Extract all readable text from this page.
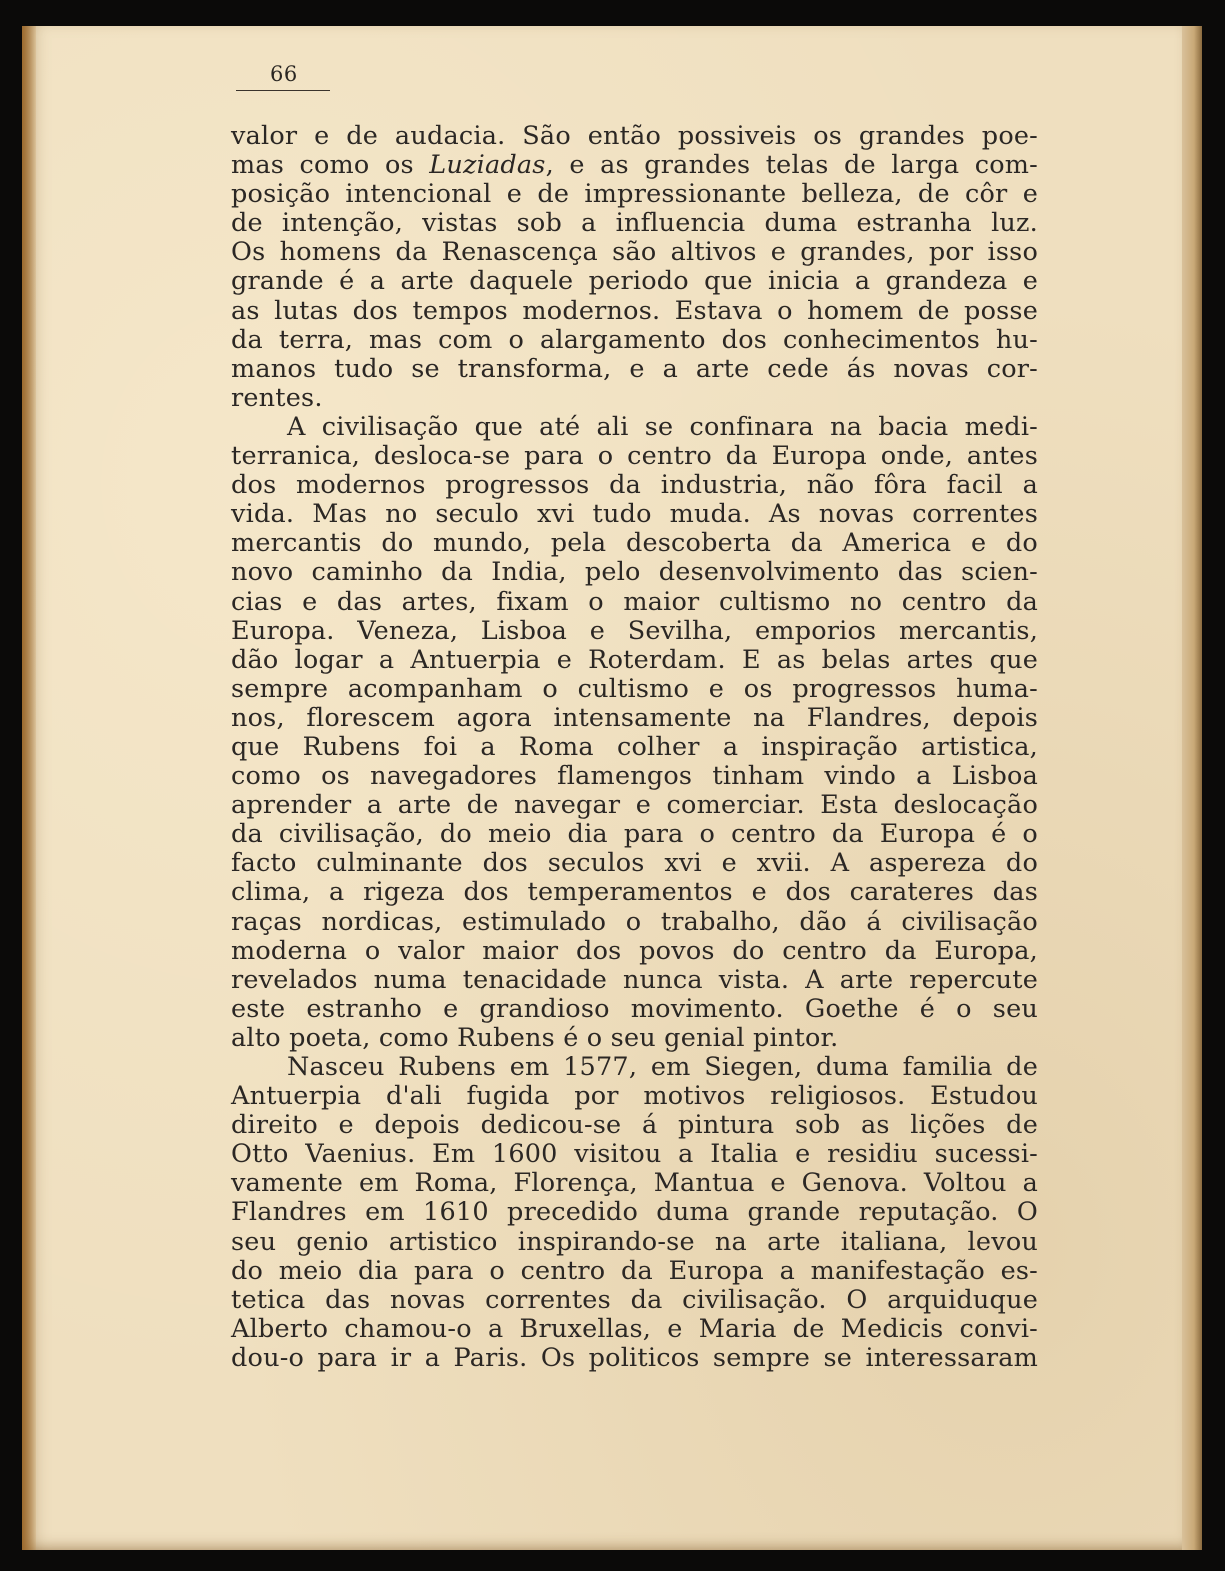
66
valor e de audacia. São então possiveis os grandes poe-
mas como os Luziadas, e as grandes telas de larga com-
posição intencional e de impressionante belleza, de côr e
de intenção, vistas sob a influencia duma estranha luz.
Os homens da Renascença são altivos e grandes, por isso
grande é a arte daquele periodo que inicia a grandeza e
as lutas dos tempos modernos. Estava o homem de posse
da terra, mas com o alargamento dos conhecimentos hu-
manos tudo se transforma, e a arte cede ás novas cor-
rentes.
A civilisação que até ali se confinara na bacia medi-
terranica, desloca-se para o centro da Europa onde, antes
dos modernos progressos da industria, não fôra facil a
vida. Mas no seculo xvi tudo muda. As novas correntes
mercantis do mundo, pela descoberta da America e do
novo caminho da India, pelo desenvolvimento das scien-
cias e das artes, fixam o maior cultismo no centro da
Europa. Veneza, Lisboa e Sevilha, emporios mercantis,
dão logar a Antuerpia e Roterdam. E as belas artes que
sempre acompanham o cultismo e os progressos huma-
nos, florescem agora intensamente na Flandres, depois
que Rubens foi a Roma colher a inspiração artistica,
como os navegadores flamengos tinham vindo a Lisboa
aprender a arte de navegar e comerciar. Esta deslocação
da civilisação, do meio dia para o centro da Europa é o
facto culminante dos seculos xvi e xvii. A aspereza do
clima, a rigeza dos temperamentos e dos carateres das
raças nordicas, estimulado o trabalho, dão á civilisação
moderna o valor maior dos povos do centro da Europa,
revelados numa tenacidade nunca vista. A arte repercute
este estranho e grandioso movimento. Goethe é o seu
alto poeta, como Rubens é o seu genial pintor.
Nasceu Rubens em 1577, em Siegen, duma familia de
Antuerpia d'ali fugida por motivos religiosos. Estudou
direito e depois dedicou-se á pintura sob as lições de
Otto Vaenius. Em 1600 visitou a Italia e residiu sucessi-
vamente em Roma, Florença, Mantua e Genova. Voltou a
Flandres em 1610 precedido duma grande reputação. O
seu genio artistico inspirando-se na arte italiana, levou
do meio dia para o centro da Europa a manifestação es-
tetica das novas correntes da civilisação. O arquiduque
Alberto chamou-o a Bruxellas, e Maria de Medicis convi-
dou-o para ir a Paris. Os politicos sempre se interessaram
